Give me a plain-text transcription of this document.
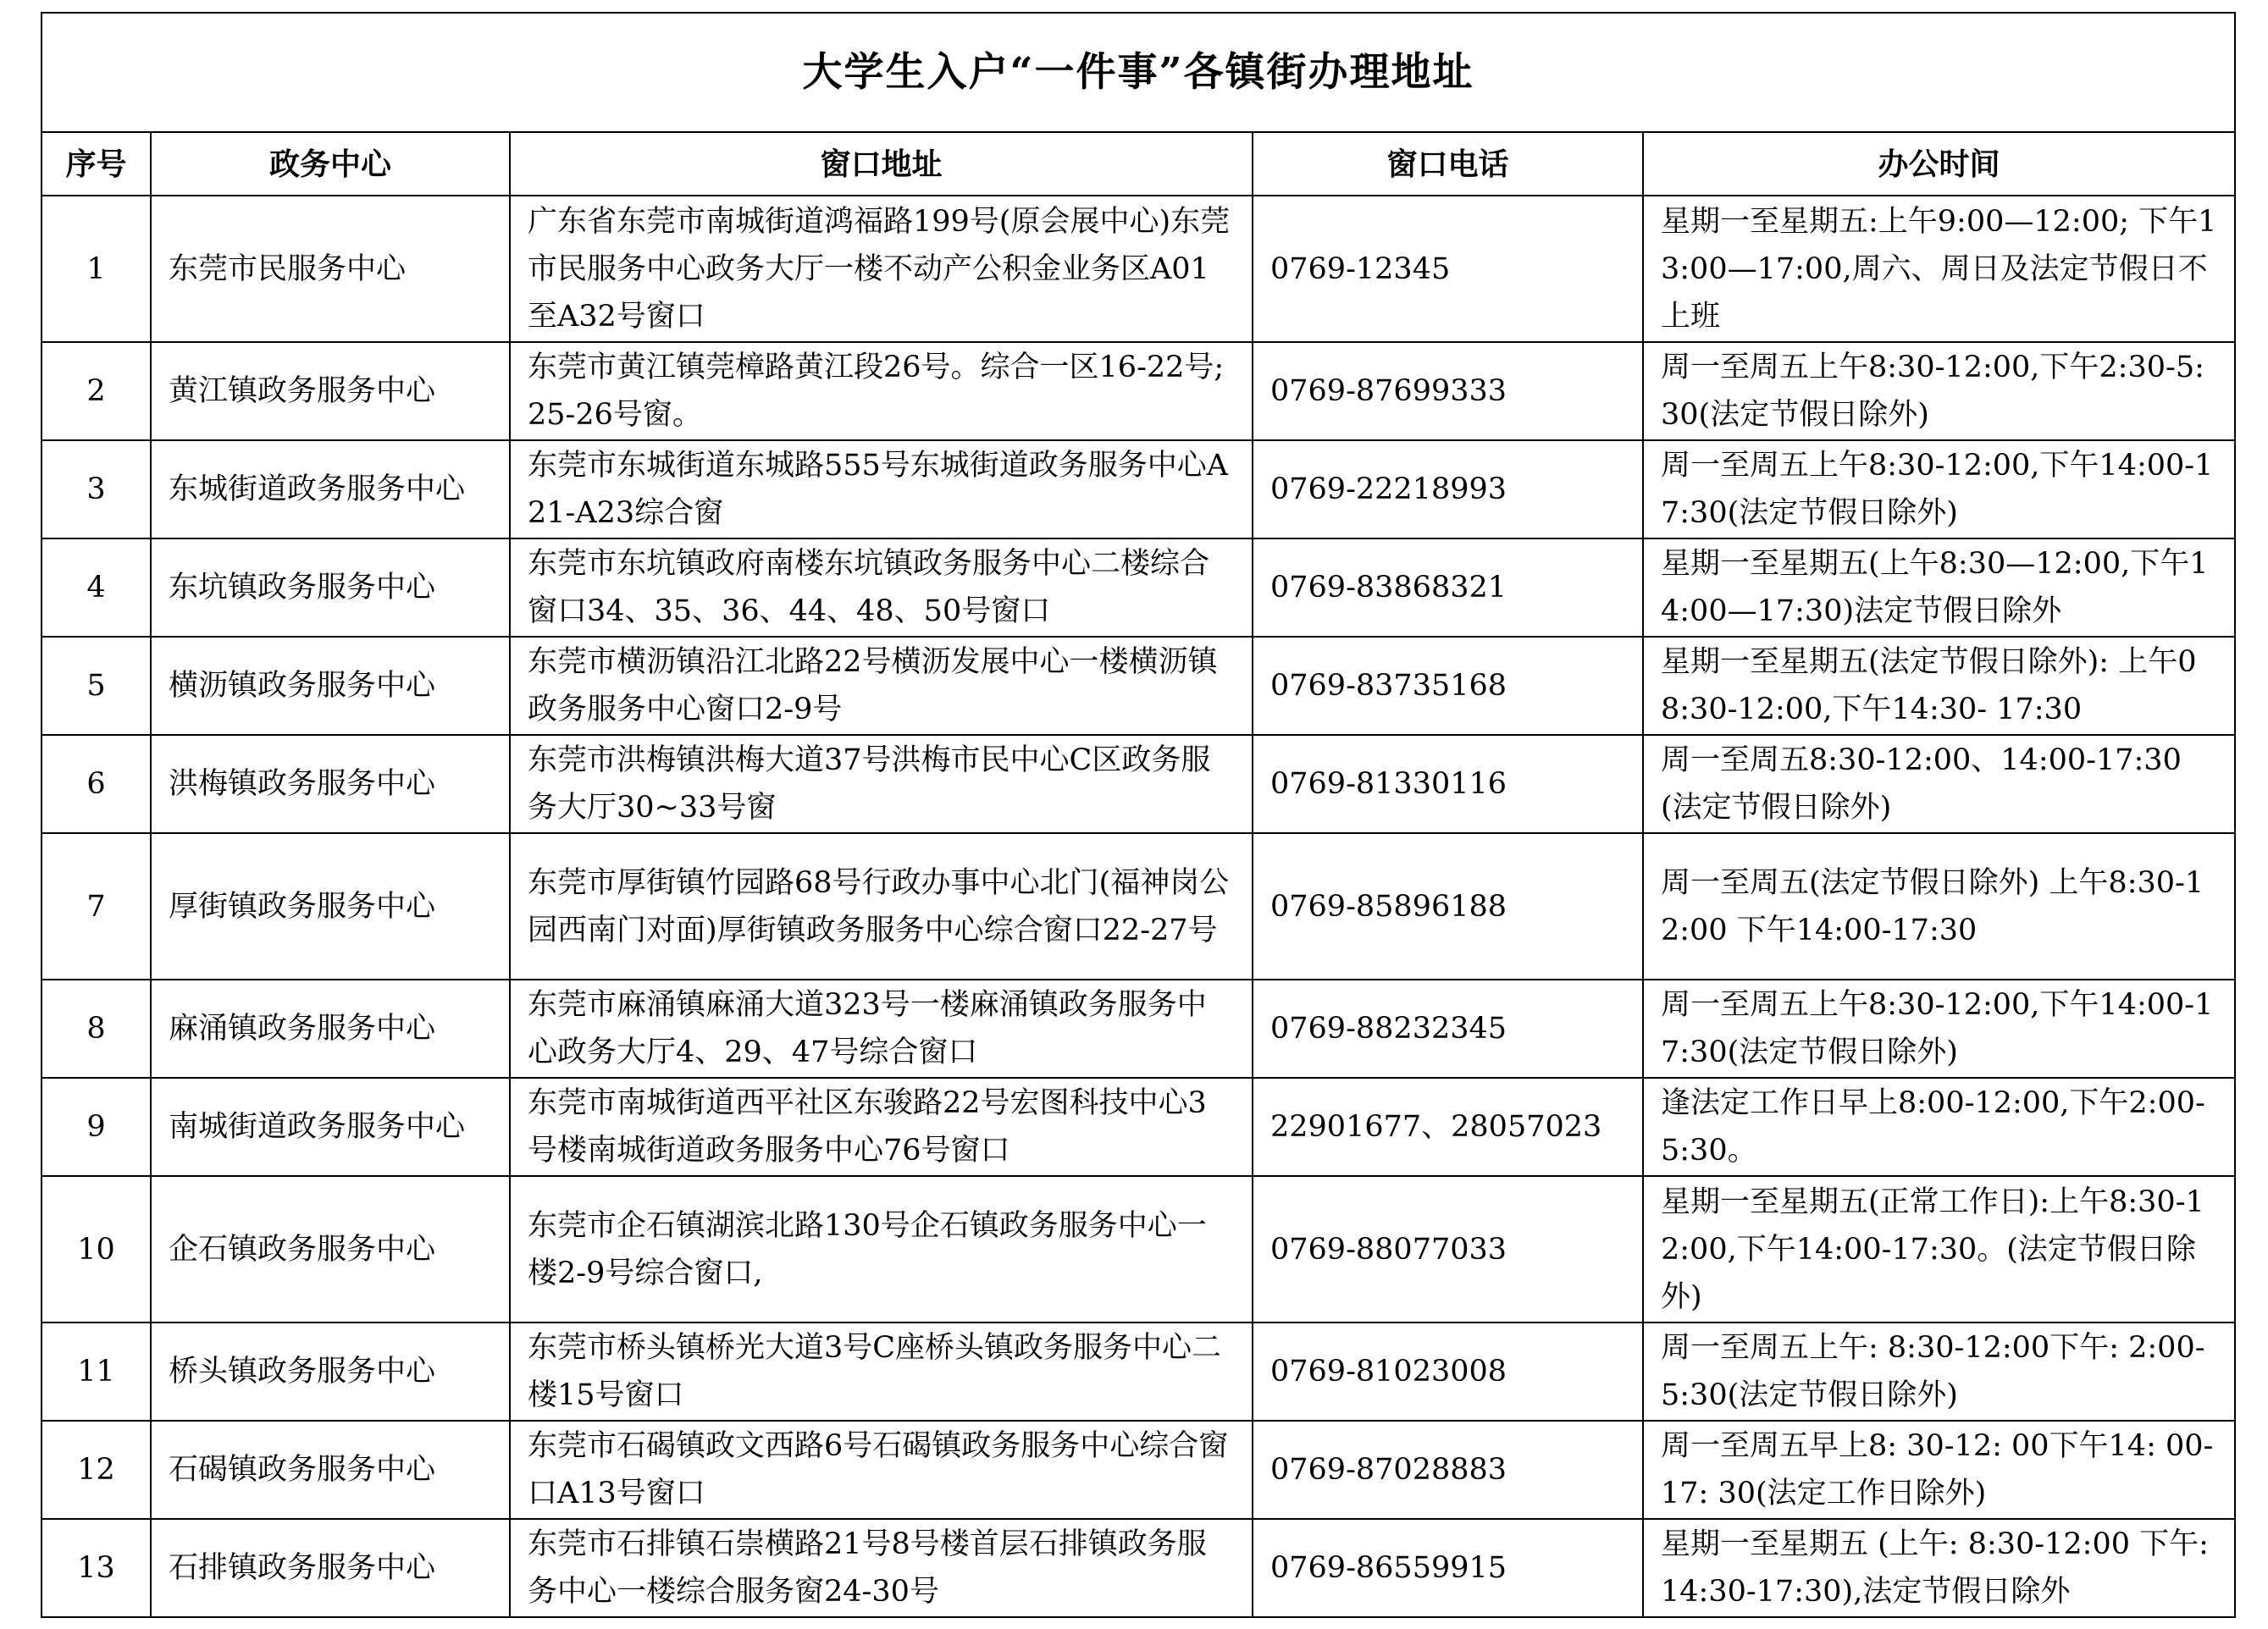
大学生入户“一件事”各镇街办理地址				
序号	政务中心	窗口地址	窗口电话	办公时间
1	东莞市民服务中心	广东省东莞市南城街道鸿福路199号(原会展中心)东莞市民服务中心政务大厅一楼不动产公积金业务区A01至A32号窗口	0769-12345	星期一至星期五:上午9:00—12:00; 下午13:00—17:00,周六、周日及法定节假日不上班
2	黄江镇政务服务中心	东莞市黄江镇莞樟路黄江段26号。综合一区16-22号; 25-26号窗。	0769-87699333	周一至周五上午8:30-12:00,下午2:30-5:30(法定节假日除外)
3	东城街道政务服务中心	东莞市东城街道东城路555号东城街道政务服务中心A21-A23综合窗	0769-22218993	周一至周五上午8:30-12:00,下午14:00-17:30(法定节假日除外)
4	东坑镇政务服务中心	东莞市东坑镇政府南楼东坑镇政务服务中心二楼综合窗口34、35、36、44、48、50号窗口	0769-83868321	星期一至星期五(上午8:30—12:00,下午14:00—17:30)法定节假日除外
5	横沥镇政务服务中心	东莞市横沥镇沿江北路22号横沥发展中心一楼横沥镇政务服务中心窗口2-9号	0769-83735168	星期一至星期五(法定节假日除外): 上午08:30-12:00,下午14:30- 17:30
6	洪梅镇政务服务中心	东莞市洪梅镇洪梅大道37号洪梅市民中心C区政务服务大厅30~33号窗	0769-81330116	周一至周五8:30-12:00、14:00-17:30(法定节假日除外)
7	厚街镇政务服务中心	东莞市厚街镇竹园路68号行政办事中心北门(福神岗公园西南门对面)厚街镇政务服务中心综合窗口22-27号	0769-85896188	周一至周五(法定节假日除外) 上午8:30-12:00 下午14:00-17:30
8	麻涌镇政务服务中心	东莞市麻涌镇麻涌大道323号一楼麻涌镇政务服务中心政务大厅4、29、47号综合窗口	0769-88232345	周一至周五上午8:30-12:00,下午14:00-17:30(法定节假日除外)
9	南城街道政务服务中心	东莞市南城街道西平社区东骏路22号宏图科技中心3号楼南城街道政务服务中心76号窗口	22901677、28057023	逢法定工作日早上8:00-12:00,下午2:00-5:30。
10	企石镇政务服务中心	东莞市企石镇湖滨北路130号企石镇政务服务中心一楼2-9号综合窗口,	0769-88077033	星期一至星期五(正常工作日):上午8:30-12:00,下午14:00-17:30。(法定节假日除外)
11	桥头镇政务服务中心	东莞市桥头镇桥光大道3号C座桥头镇政务服务中心二楼15号窗口	0769-81023008	周一至周五上午: 8:30-12:00下午: 2:00-5:30(法定节假日除外)
12	石碣镇政务服务中心	东莞市石碣镇政文西路6号石碣镇政务服务中心综合窗口A13号窗口	0769-87028883	周一至周五早上8: 30-12: 00下午14: 00-17: 30(法定工作日除外)
13	石排镇政务服务中心	东莞市石排镇石崇横路21号8号楼首层石排镇政务服务中心一楼综合服务窗24-30号	0769-86559915	星期一至星期五 (上午: 8:30-12:00 下午: 14:30-17:30),法定节假日除外
